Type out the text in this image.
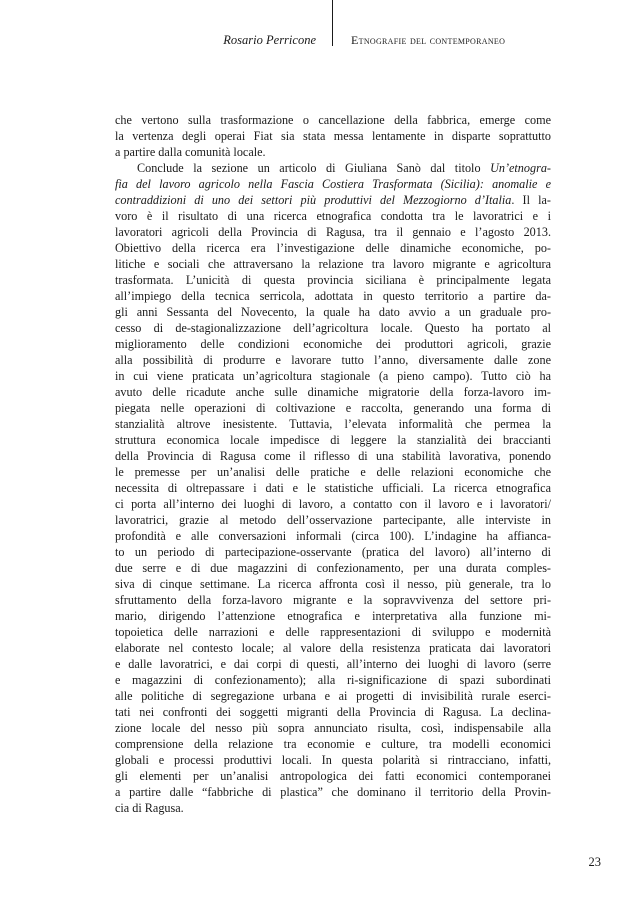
Rosario Perricone	Etnografie del contemporaneo
che vertono sulla trasformazione o cancellazione della fabbrica, emerge come
la vertenza degli operai Fiat sia stata messa lentamente in disparte soprattutto
a partire dalla comunità locale.
Conclude la sezione un articolo di Giuliana Sanò dal titolo Un’etnogra-
fia del lavoro agricolo nella Fascia Costiera Trasformata (Sicilia): anomalie e
contraddizioni di uno dei settori più produttivi del Mezzogiorno d’Italia. Il la-
voro è il risultato di una ricerca etnografica condotta tra le lavoratrici e i
lavoratori agricoli della Provincia di Ragusa, tra il gennaio e l’agosto 2013.
Obiettivo della ricerca era l’investigazione delle dinamiche economiche, po-
litiche e sociali che attraversano la relazione tra lavoro migrante e agricoltura
trasformata. L’unicità di questa provincia siciliana è principalmente legata
all’impiego della tecnica serricola, adottata in questo territorio a partire da-
gli anni Sessanta del Novecento, la quale ha dato avvio a un graduale pro-
cesso di de-stagionalizzazione dell’agricoltura locale. Questo ha portato al
miglioramento delle condizioni economiche dei produttori agricoli, grazie
alla possibilità di produrre e lavorare tutto l’anno, diversamente dalle zone
in cui viene praticata un’agricoltura stagionale (a pieno campo). Tutto ciò ha
avuto delle ricadute anche sulle dinamiche migratorie della forza-lavoro im-
piegata nelle operazioni di coltivazione e raccolta, generando una forma di
stanzialità altrove inesistente. Tuttavia, l’elevata informalità che permea la
struttura economica locale impedisce di leggere la stanzialità dei braccianti
della Provincia di Ragusa come il riflesso di una stabilità lavorativa, ponendo
le premesse per un’analisi delle pratiche e delle relazioni economiche che
necessita di oltrepassare i dati e le statistiche ufficiali. La ricerca etnografica
ci porta all’interno dei luoghi di lavoro, a contatto con il lavoro e i lavoratori/
lavoratrici, grazie al metodo dell’osservazione partecipante, alle interviste in
profondità e alle conversazioni informali (circa 100). L’indagine ha affianca-
to un periodo di partecipazione-osservante (pratica del lavoro) all’interno di
due serre e di due magazzini di confezionamento, per una durata comples-
siva di cinque settimane. La ricerca affronta così il nesso, più generale, tra lo
sfruttamento della forza-lavoro migrante e la sopravvivenza del settore pri-
mario, dirigendo l’attenzione etnografica e interpretativa alla funzione mi-
topoietica delle narrazioni e delle rappresentazioni di sviluppo e modernità
elaborate nel contesto locale; al valore della resistenza praticata dai lavoratori
e dalle lavoratrici, e dai corpi di questi, all’interno dei luoghi di lavoro (serre
e magazzini di confezionamento); alla ri-significazione di spazi subordinati
alle politiche di segregazione urbana e ai progetti di invisibilità rurale eserci-
tati nei confronti dei soggetti migranti della Provincia di Ragusa. La declina-
zione locale del nesso più sopra annunciato risulta, così, indispensabile alla
comprensione della relazione tra economie e culture, tra modelli economici
globali e processi produttivi locali. In questa polarità si rintracciano, infatti,
gli elementi per un’analisi antropologica dei fatti economici contemporanei
a partire dalle “fabbriche di plastica” che dominano il territorio della Provin-
cia di Ragusa.
23
